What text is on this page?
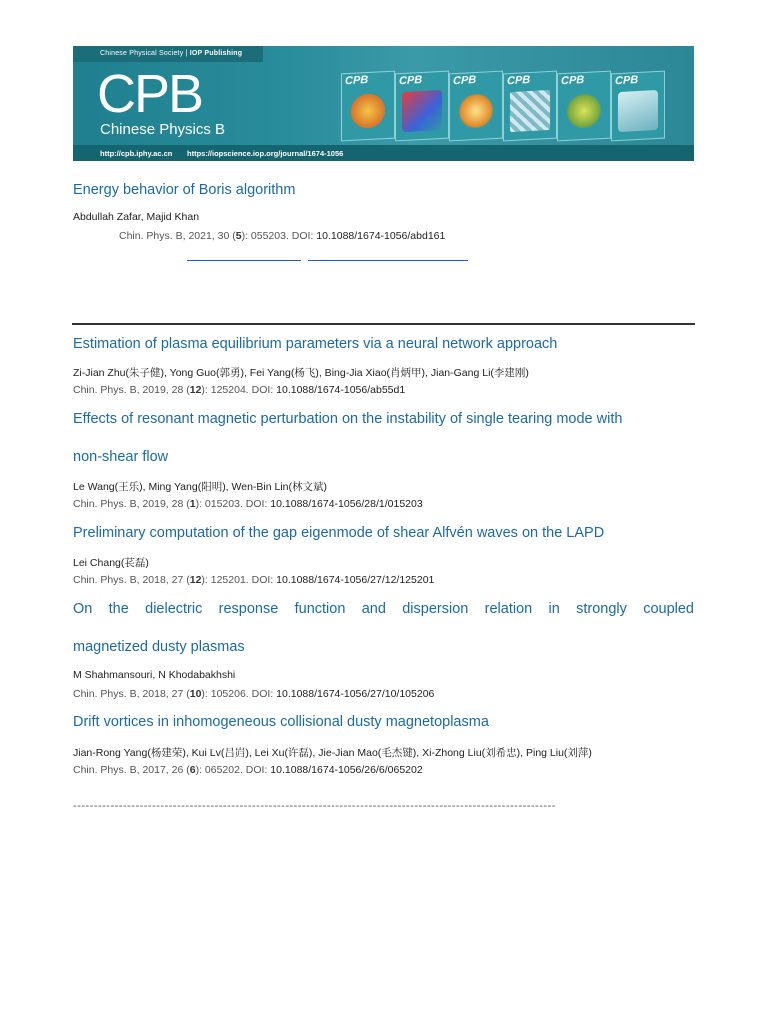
Chinese Physical Society | IOP Publishing
CPB
Chinese Physics B
CPB	CPB	CPB	CPB	CPB	CPB
http://cpb.iphy.ac.cn https://iopscience.iop.org/journal/1674-1056
Energy behavior of Boris algorithm
Abdullah Zafar, Majid Khan
Chin. Phys. B, 2021, 30 (5): 055203. DOI: 10.1088/1674-1056/abd161
Estimation of plasma equilibrium parameters via a neural network approach
Zi-Jian Zhu(朱子健), Yong Guo(郭勇), Fei Yang(杨飞), Bing-Jia Xiao(肖炳甲), Jian-Gang Li(李建刚)
Chin. Phys. B, 2019, 28 (12): 125204. DOI: 10.1088/1674-1056/ab55d1
Effects of resonant magnetic perturbation on the instability of single tearing mode with
non-shear flow
Le Wang(王乐), Ming Yang(阳明), Wen-Bin Lin(林文斌)
Chin. Phys. B, 2019, 28 (1): 015203. DOI: 10.1088/1674-1056/28/1/015203
Preliminary computation of the gap eigenmode of shear Alfvén waves on the LAPD
Lei Chang(苌磊)
Chin. Phys. B, 2018, 27 (12): 125201. DOI: 10.1088/1674-1056/27/12/125201
On the dielectric response function and dispersion relation in strongly coupled
magnetized dusty plasmas
M Shahmansouri, N Khodabakhshi
Chin. Phys. B, 2018, 27 (10): 105206. DOI: 10.1088/1674-1056/27/10/105206
Drift vortices in inhomogeneous collisional dusty magnetoplasma
Jian-Rong Yang(杨建荣), Kui Lv(吕岿), Lei Xu(许磊), Jie-Jian Mao(毛杰键), Xi-Zhong Liu(刘希忠), Ping Liu(刘萍)
Chin. Phys. B, 2017, 26 (6): 065202. DOI: 10.1088/1674-1056/26/6/065202
--------------------------------------------------------------------------------------------------------------------
